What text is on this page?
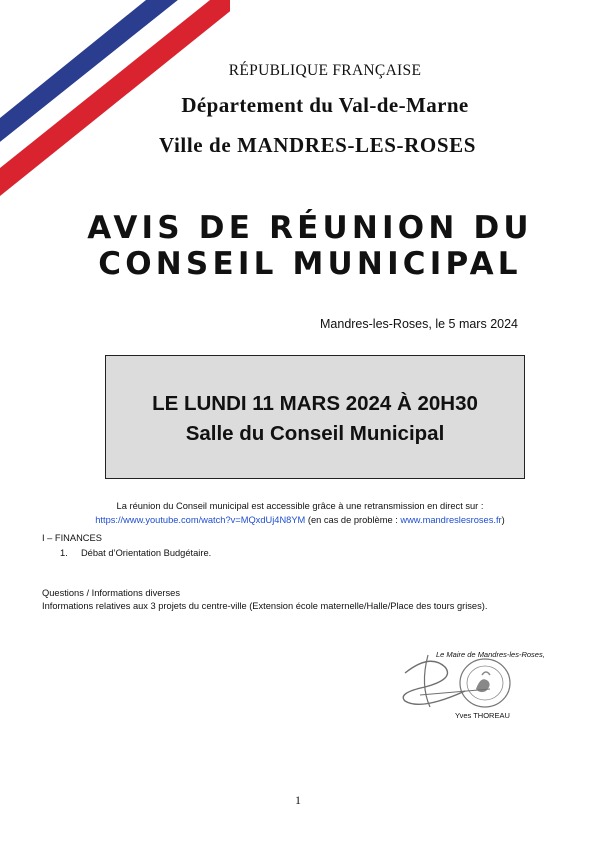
RÉPUBLIQUE FRANÇAISE
Département du Val-de-Marne
Ville de MANDRES-LES-ROSES
AVIS DE RÉUNION DU
CONSEIL MUNICIPAL
Mandres-les-Roses, le 5 mars 2024
LE LUNDI 11 MARS 2024 À 20H30
Salle du Conseil Municipal
La réunion du Conseil municipal est accessible grâce à une retransmission en direct sur :
https://www.youtube.com/watch?v=MQxdUj4N8YM (en cas de problème : www.mandreslesroses.fr)
I – FINANCES
1. Débat d’Orientation Budgétaire.
Questions / Informations diverses
Informations relatives aux 3 projets du centre-ville (Extension école maternelle/Halle/Place des tours grises).
Le Maire de Mandres-les-Roses,
Yves THOREAU
1
